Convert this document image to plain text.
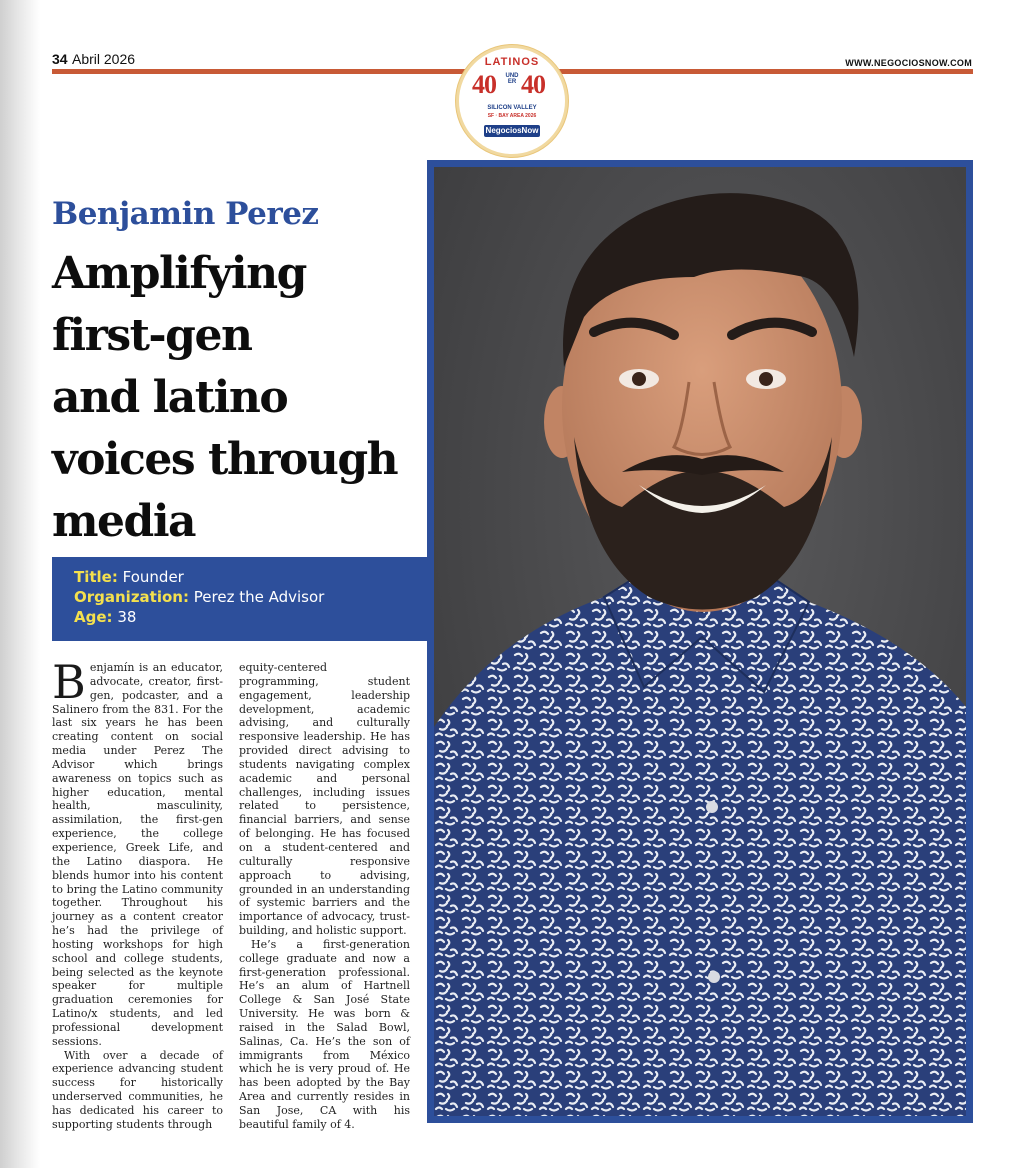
34 Abril 2026	WWW.NEGOCIOSNOW.COM
LATINOS
40 UNDER 40
SILICON VALLEY
SF · BAY AREA 2026
NegociosNow
Benjamin Perez
Amplifying
first-gen
and latino
voices through
media
Title: Founder
Organization: Perez the Advisor
Age: 38

Benjamín is an educator, advocate, creator, first-gen, podcaster, and a Salinero from the 831. For the last six years he has been creating content on social media under Perez The Advisor which brings awareness on topics such as higher education, mental health, masculinity, assimilation, the first-gen experience, the college experience, Greek Life, and the Latino diaspora. He blends humor into his content to bring the Latino community together. Throughout his journey as a content creator he’s had the privilege of hosting workshops for high school and college students, being selected as the keynote speaker for multiple graduation ceremonies for Latino/x students, and led professional development sessions.

With over a decade of experience advancing student success for historically underserved communities, he has dedicated his career to supporting students through

equity-centered programming, student engagement, leadership development, academic advising, and culturally responsive leadership. He has provided direct advising to students navigating complex academic and personal challenges, including issues related to persistence, financial barriers, and sense of belonging. He has focused on a student-centered and culturally responsive approach to advising, grounded in an understanding of systemic barriers and the importance of advocacy, trust-building, and holistic support.

He’s a first-generation college graduate and now a first-generation professional. He’s an alum of Hartnell College & San José State University. He was born & raised in the Salad Bowl, Salinas, Ca. He’s the son of immigrants from México which he is very proud of. He has been adopted by the Bay Area and currently resides in San Jose, CA with his beautiful family of 4.
